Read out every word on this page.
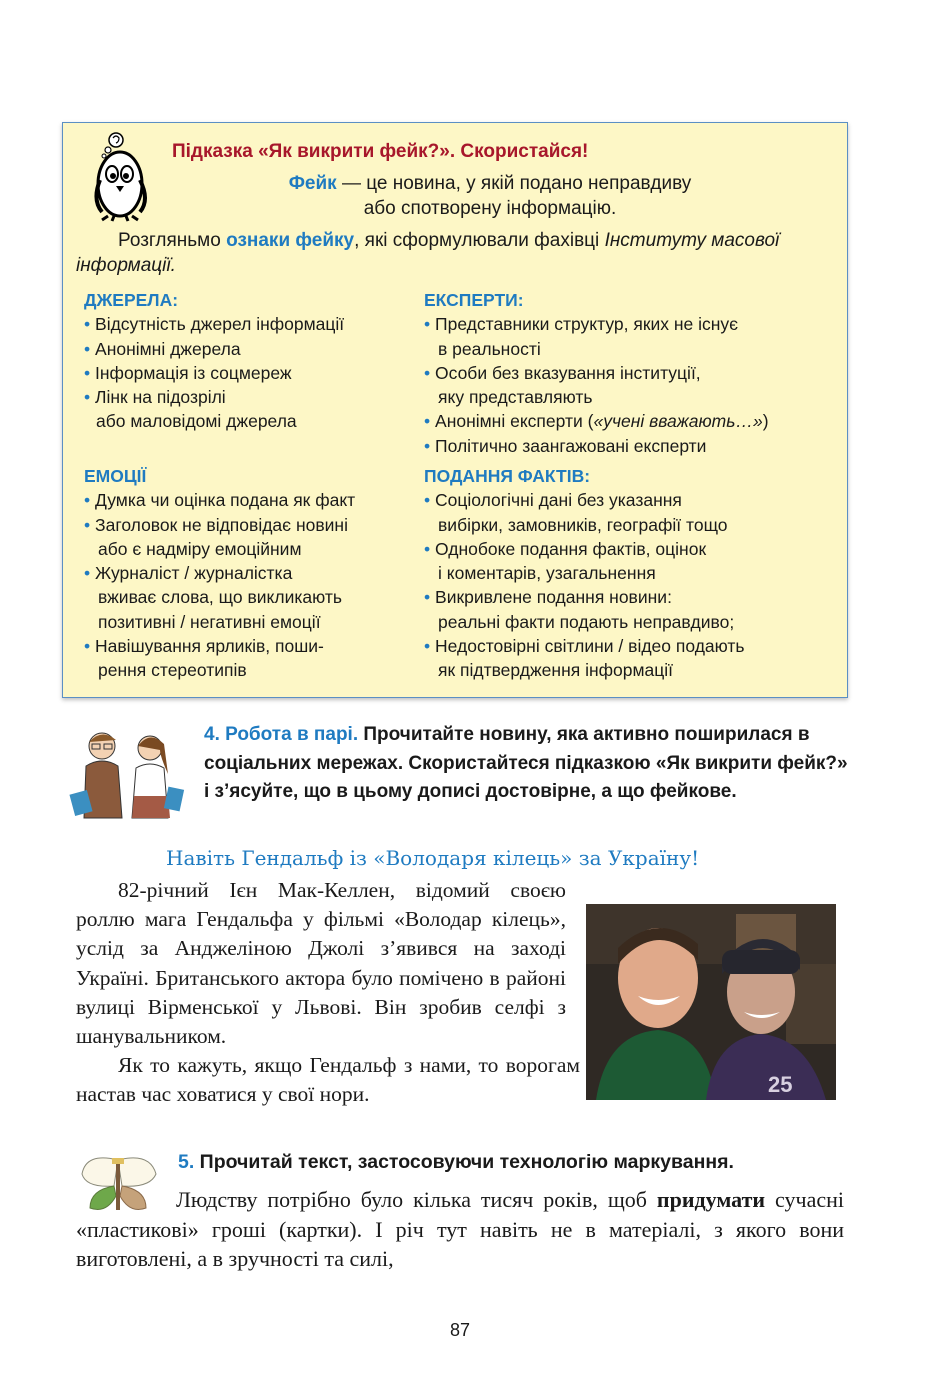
Підказка «Як викрити фейк?». Скористайся!
Фейк — це новина, у якій подано неправдиву
або спотворену інформацію.
Розгляньмо ознаки фейку, які сформулювали фахівці Інституту масової інформації.
ДЖЕРЕЛА:
• Відсутність джерел інформації
• Анонімні джерела
• Інформація із соцмереж
• Лінк на підозрілі
або маловідомі джерела
ЕКСПЕРТИ:
• Представники структур, яких не існує
в реальності
• Особи без вказування інституції,
яку представляють
• Анонімні експерти («учені вважають…»)
• Політично заангажовані експерти
ЕМОЦІЇ
• Думка чи оцінка подана як факт
• Заголовок не відповідає новині
або є надміру емоційним
• Журналіст / журналістка
вживає слова, що викликають
позитивні / негативні емоції
• Навішування ярликів, поши-
рення стереотипів
ПОДАННЯ ФАКТІВ:
• Соціологічні дані без указання
вибірки, замовників, географії тощо
• Однобоке подання фактів, оцінок
і коментарів, узагальнення
• Викривлене подання новини:
реальні факти подають неправдиво;
• Недостовірні світлини / відео подають
як підтвердження інформації
4. Робота в парі. Прочитайте новину, яка активно поширилася в соціальних мережах. Скористайтеся підказкою «Як викрити фейк?» і з’ясуйте, що в цьому дописі достовірне, а що фейкове.
Навіть Гендальф із «Володаря кілець» за Україну!

82-річний Ієн Мак-Келлен, відомий своєю роллю мага Гендальфа у фільмі «Володар кілець», услід за Анджеліною Джолі з’явився на заході Україні. Британського актора було помічено в районі вулиці Вірменської у Львові. Він зробив селфі з шанувальником.

Як то кажуть, якщо Гендальф з нами, то ворогам настав час ховатися у свої нори.	25
5. Прочитай текст, застосовуючи технологію маркування.
Людству потрібно було кілька тисяч років, щоб придумати сучасні «пластикові» гроші (картки). І річ тут навіть не в матеріалі, з якого вони виготовлені, а в зручності та силі,
87
